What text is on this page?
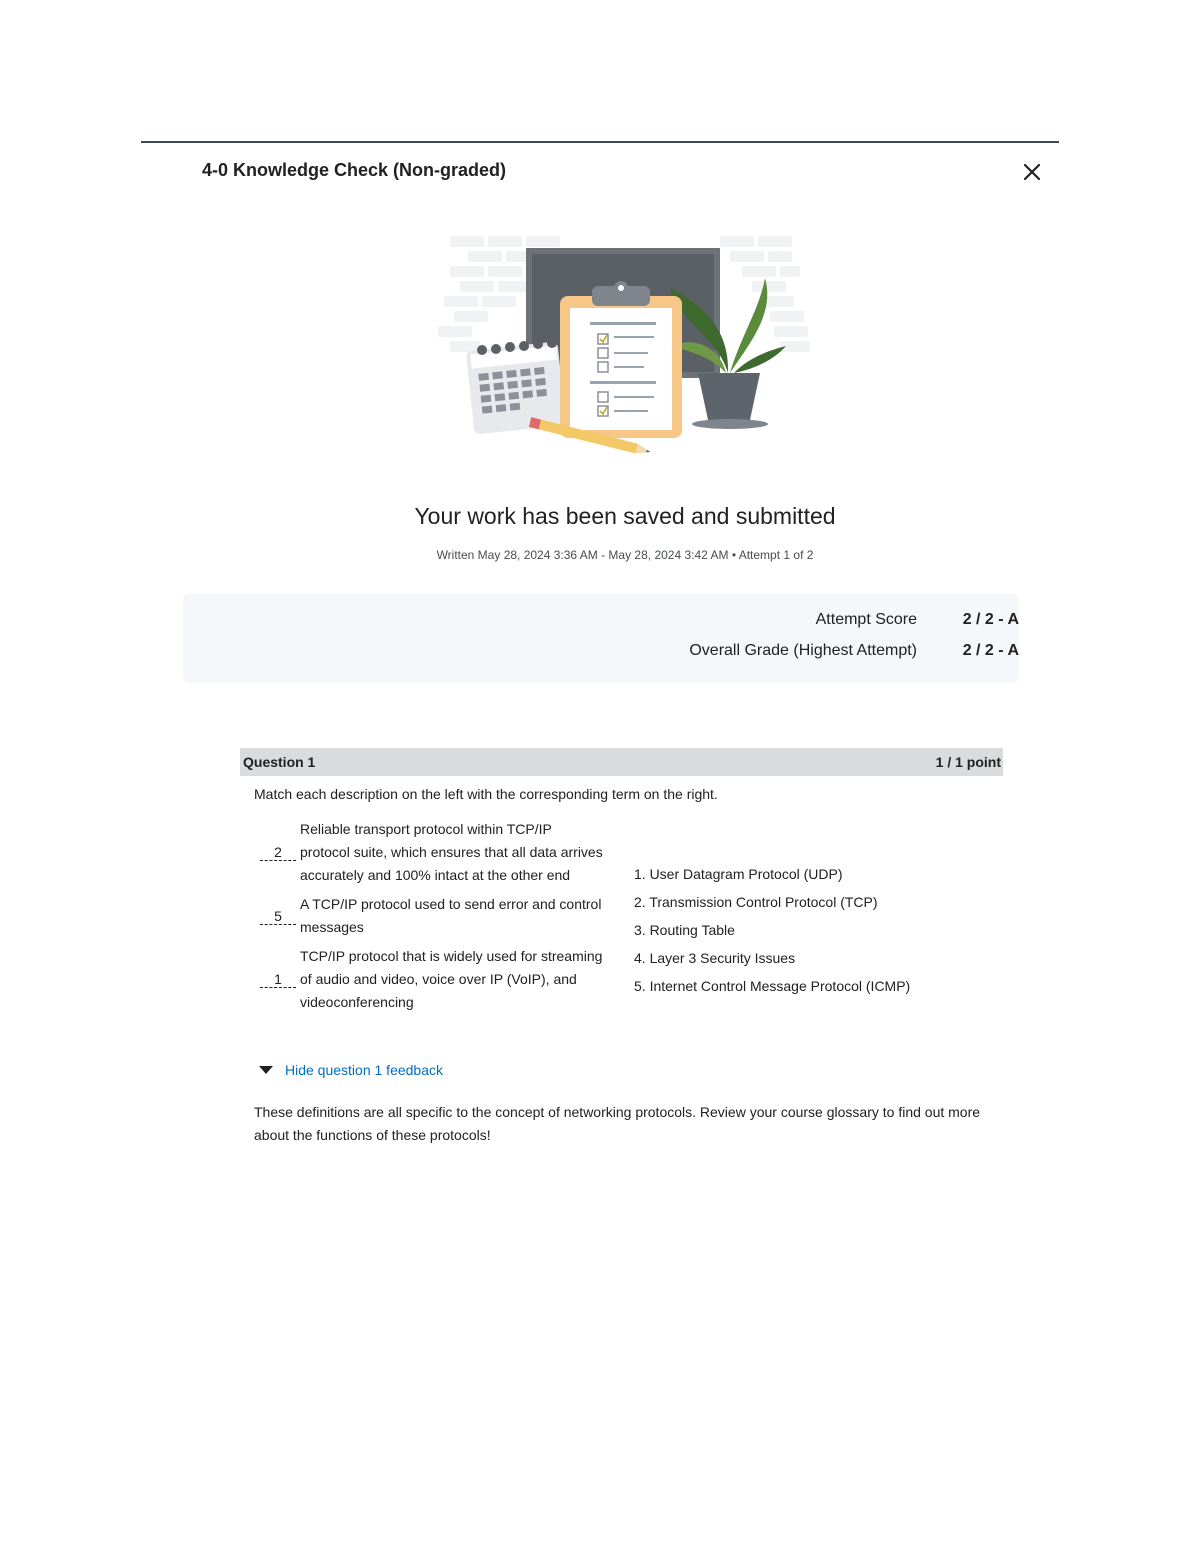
4-0 Knowledge Check (Non-graded)
Your work has been saved and submitted
Written May 28, 2024 3:36 AM - May 28, 2024 3:42 AM • Attempt 1 of 2
Attempt Score	2 / 2 - A
Overall Grade (Highest Attempt)	2 / 2 - A
Question 1	1 / 1 point
Match each description on the left with the corresponding term on the right.
2
Reliable transport protocol within TCP/IP protocol suite, which ensures that all data arrives accurately and 100% intact at the other end
5
A TCP/IP protocol used to send error and control messages
1
TCP/IP protocol that is widely used for streaming of audio and video, voice over IP (VoIP), and videoconferencing
1. User Datagram Protocol (UDP)
2. Transmission Control Protocol (TCP)
3. Routing Table
4. Layer 3 Security Issues
5. Internet Control Message Protocol (ICMP)
Hide question 1 feedback
These definitions are all specific to the concept of networking protocols. Review your course glossary to find out more about the functions of these protocols!
